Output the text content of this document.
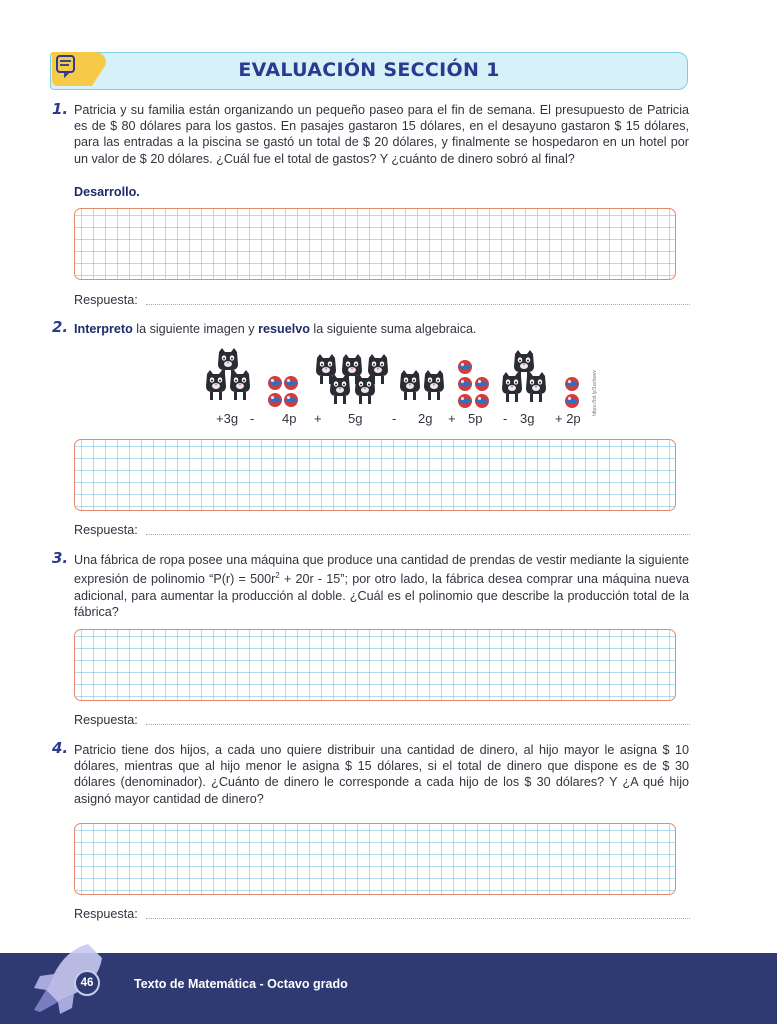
EVALUACIÓN SECCIÓN 1
1. Patricia y su familia están organizando un pequeño paseo para el fin de semana. El presupuesto de Patricia es de $ 80 dólares para los gastos. En pasajes gastaron 15 dólares, en el desayuno gastaron $ 15 dólares, para las entradas a la piscina se gastó un total de $ 20 dólares, y finalmente se hospedaron en un hotel por un valor de $ 20 dólares. ¿Cuál fue el total de gastos? Y ¿cuánto de dinero sobró al final?
Desarrollo.
Respuesta:
2. Interpreto la siguiente imagen y resuelvo la siguiente suma algebraica.
https://bit.ly/3xxhwvv
+3g - 4p + 5g - 2g + 5p - 3g + 2p
Respuesta:
3. Una fábrica de ropa posee una máquina que produce una cantidad de prendas de vestir mediante la siguiente expresión de polinomio “$P(r) = 500r^2 + 20r - 15$”; por otro lado, la fábrica desea comprar una máquina nueva adicional, para aumentar la producción al doble. ¿Cuál es el polinomio que describe la producción total de la fábrica?
Respuesta:
4. Patricio tiene dos hijos, a cada uno quiere distribuir una cantidad de dinero, al hijo mayor le asigna $ 10 dólares, mientras que al hijo menor le asigna $ 15 dólares, si el total de dinero que dispone es de $ 30 dólares (denominador). ¿Cuánto de dinero le corresponde a cada hijo de los $ 30 dólares? Y ¿A qué hijo asignó mayor cantidad de dinero?
Respuesta:
46	Texto de Matemática - Octavo grado
